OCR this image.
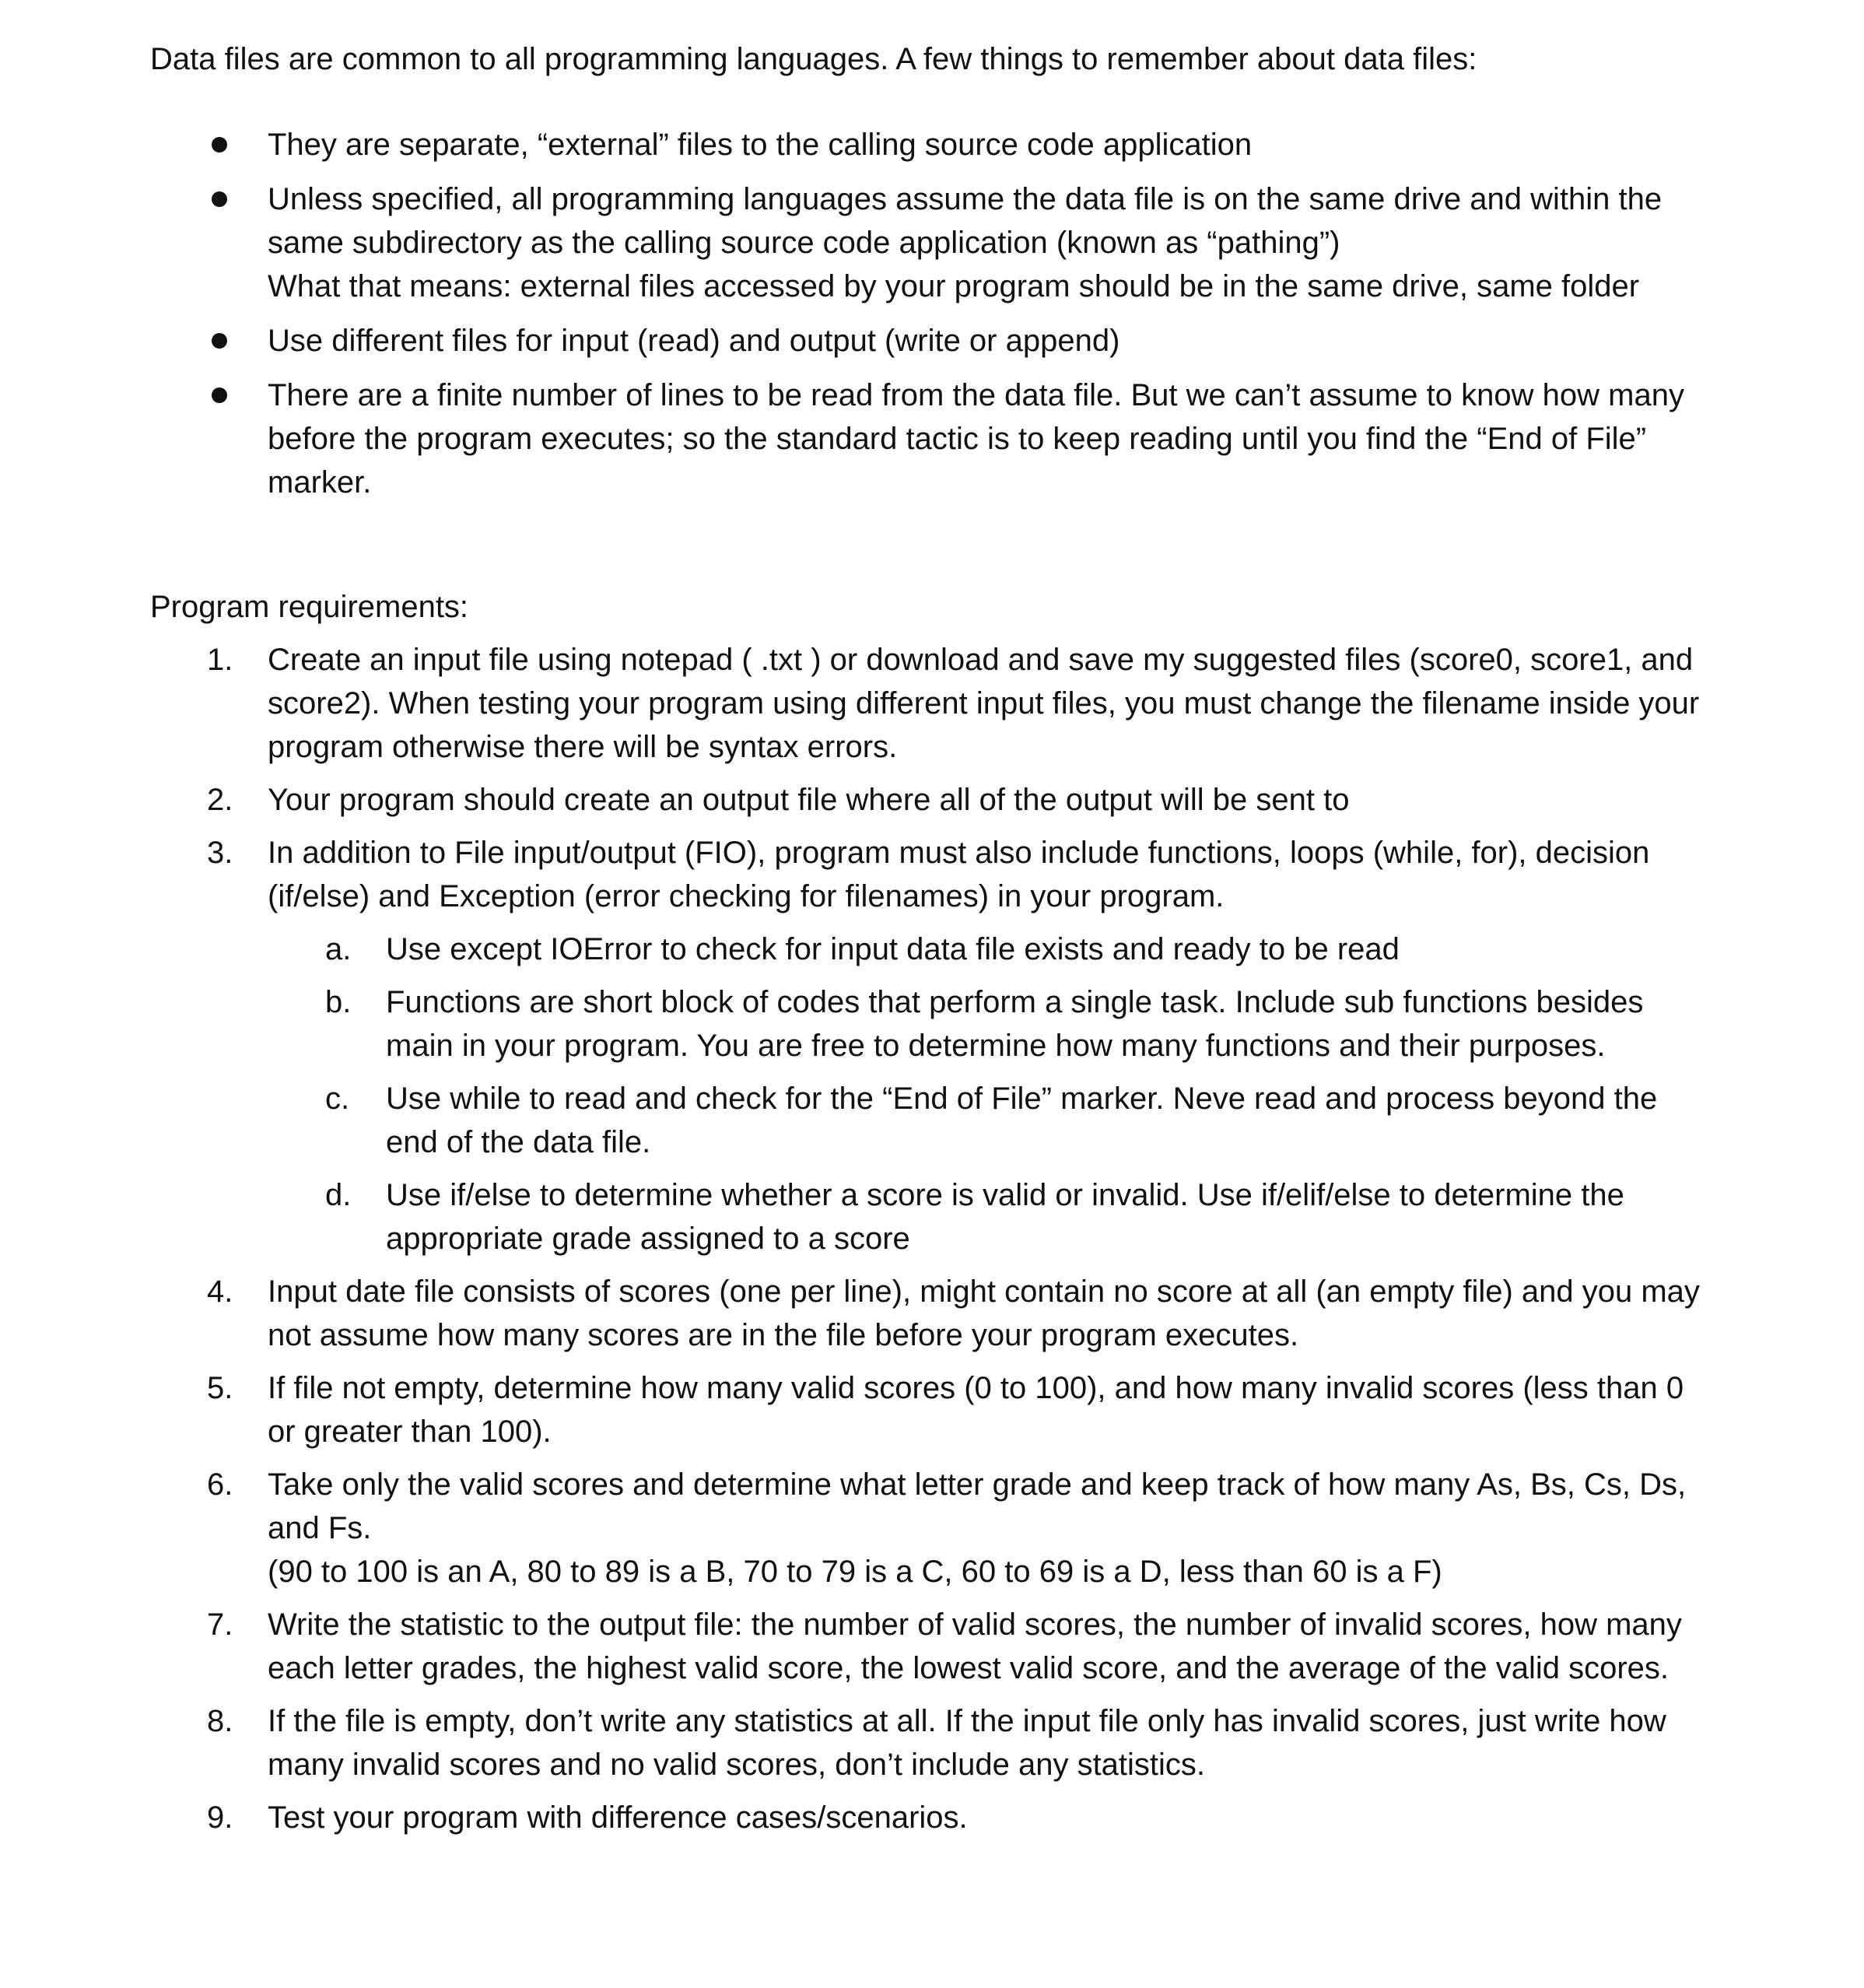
Data files are common to all programming languages. A few things to remember about data files:

They are separate, “external” files to the calling source code application
Unless specified, all programming languages assume the data file is on the same drive and within the same subdirectory as the calling source code application (known as “pathing”)
What that means: external files accessed by your program should be in the same drive, same folder
Use different files for input (read) and output (write or append)
There are a finite number of lines to be read from the data file. But we can’t assume to know how many before the program executes; so the standard tactic is to keep reading until you find the “End of File” marker.

Program requirements:

1.	Create an input file using notepad ( .txt ) or download and save my suggested files (score0, score1, and score2). When testing your program using different input files, you must change the filename inside your program otherwise there will be syntax errors.
2.	Your program should create an output file where all of the output will be sent to
3.	In addition to File input/output (FIO), program must also include functions, loops (while, for), decision (if/else) and Exception (error checking for filenames) in your program.
a.	Use except IOError to check for input data file exists and ready to be read
b.	Functions are short block of codes that perform a single task. Include sub functions besides main in your program. You are free to determine how many functions and their purposes.
c.	Use while to read and check for the “End of File” marker. Neve read and process beyond the end of the data file.
d.	Use if/else to determine whether a score is valid or invalid. Use if/elif/else to determine the appropriate grade assigned to a score
4.	Input date file consists of scores (one per line), might contain no score at all (an empty file) and you may not assume how many scores are in the file before your program executes.
5.	If file not empty, determine how many valid scores (0 to 100), and how many invalid scores (less than 0 or greater than 100).
6.	Take only the valid scores and determine what letter grade and keep track of how many As, Bs, Cs, Ds, and Fs.
(90 to 100 is an A, 80 to 89 is a B, 70 to 79 is a C, 60 to 69 is a D, less than 60 is a F)
7.	Write the statistic to the output file: the number of valid scores, the number of invalid scores, how many each letter grades, the highest valid score, the lowest valid score, and the average of the valid scores.
8.	If the file is empty, don’t write any statistics at all. If the input file only has invalid scores, just write how many invalid scores and no valid scores, don’t include any statistics.
9.	Test your program with difference cases/scenarios.
